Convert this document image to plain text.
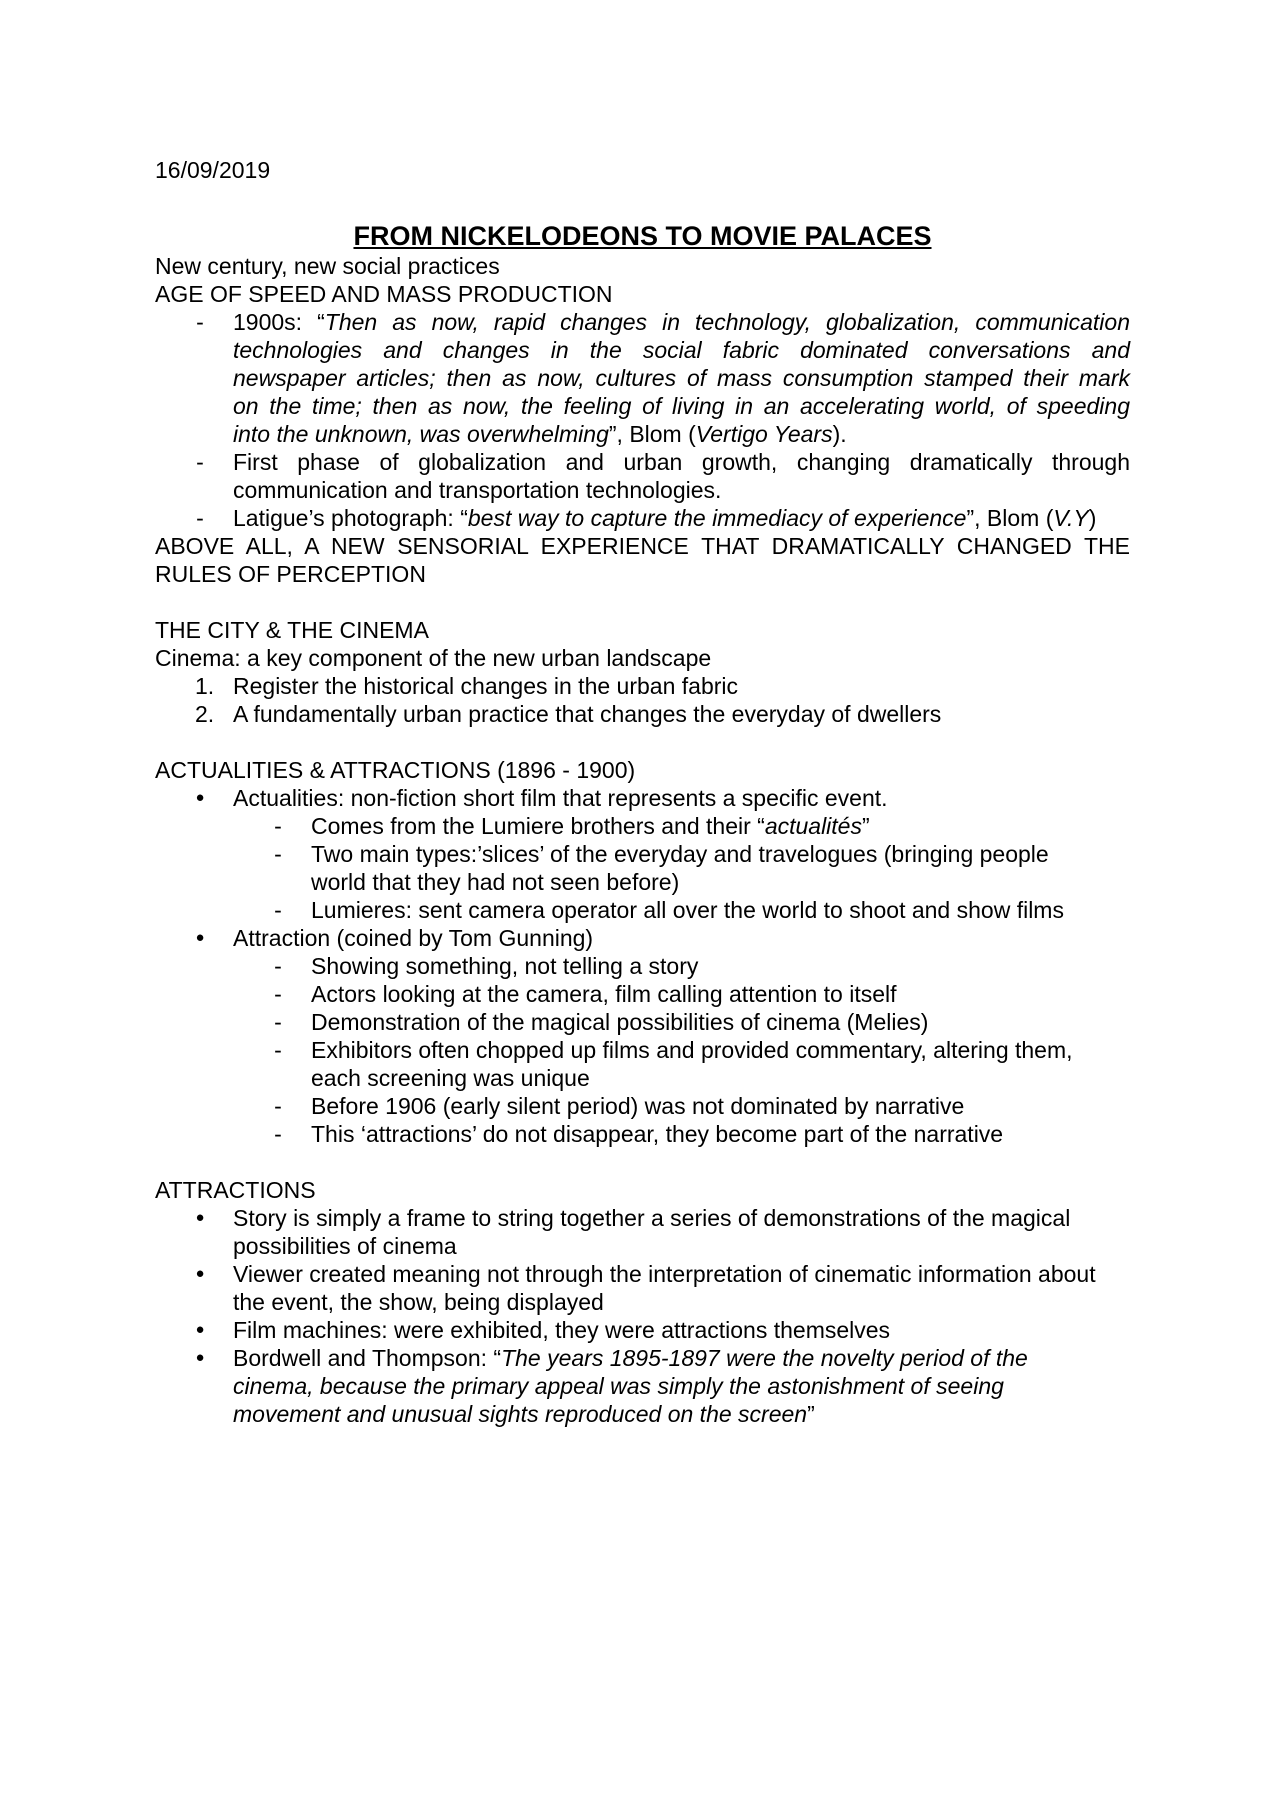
16/09/2019
FROM NICKELODEONS TO MOVIE PALACES
New century, new social practices
AGE OF SPEED AND MASS PRODUCTION
-	1900s: “Then as now, rapid changes in technology, globalization, communication
technologies and changes in the social fabric dominated conversations and
newspaper articles; then as now, cultures of mass consumption stamped their mark
on the time; then as now, the feeling of living in an accelerating world, of speeding
into the unknown, was overwhelming”, Blom (Vertigo Years).
-	First phase of globalization and urban growth, changing dramatically through
communication and transportation technologies.
-	Latigue’s photograph: “best way to capture the immediacy of experience”, Blom (V.Y)
ABOVE ALL, A NEW SENSORIAL EXPERIENCE THAT DRAMATICALLY CHANGED THE
RULES OF PERCEPTION
THE CITY & THE CINEMA
Cinema: a key component of the new urban landscape
1. Register the historical changes in the urban fabric
2. A fundamentally urban practice that changes the everyday of dwellers
ACTUALITIES & ATTRACTIONS (1896 - 1900)
●	Actualities: non-fiction short film that represents a specific event.
-	Comes from the Lumiere brothers and their “actualités”
-	Two main types:’slices’ of the everyday and travelogues (bringing people
world that they had not seen before)
-	Lumieres: sent camera operator all over the world to shoot and show films
●	Attraction (coined by Tom Gunning)
-	Showing something, not telling a story
-	Actors looking at the camera, film calling attention to itself
-	Demonstration of the magical possibilities of cinema (Melies)
-	Exhibitors often chopped up films and provided commentary, altering them,
each screening was unique
-	Before 1906 (early silent period) was not dominated by narrative
-	This ‘attractions’ do not disappear, they become part of the narrative
ATTRACTIONS
●	Story is simply a frame to string together a series of demonstrations of the magical
possibilities of cinema
●	Viewer created meaning not through the interpretation of cinematic information about
the event, the show, being displayed
●	Film machines: were exhibited, they were attractions themselves
●	Bordwell and Thompson: “The years 1895-1897 were the novelty period of the
cinema, because the primary appeal was simply the astonishment of seeing
movement and unusual sights reproduced on the screen”
